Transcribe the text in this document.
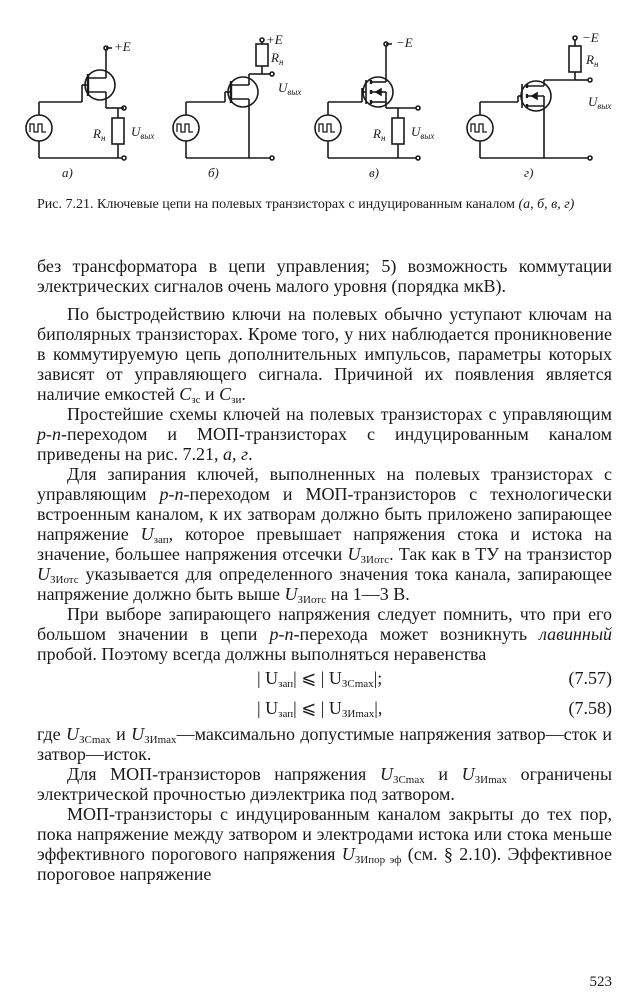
+E
$R_н$ $U_{вых}$
а)
+E
$R_н$
$U_{вых}$
б)
−E
$R_н$ $U_{вых}$
в)
−E
$R_н$
$U_{вых}$
г)
Рис. 7.21. Ключевые цепи на полевых транзисторах с индуцированным каналом (а, б, в, г)

без трансформатора в цепи управления; 5) возможность коммутации электрических сигналов очень малого уровня (порядка мкВ).

По быстродействию ключи на полевых обычно уступают ключам на биполярных транзисторах. Кроме того, у них наблюдается проникновение в коммутируемую цепь дополнительных импульсов, параметры которых зависят от управляющего сигнала. Причиной их появления является наличие емкостей $C_{зс}$ и $C_{зи}$.

Простейшие схемы ключей на полевых транзисторах с управляющим p-n-переходом и МОП-транзисторах с индуцированным каналом приведены на рис. 7.21, а, г.

Для запирания ключей, выполненных на полевых транзисторах с управляющим p-n-переходом и МОП-транзисторов с технологически встроенным каналом, к их затворам должно быть приложено запирающее напряжение $U_{зап}$, которое превышает напряжения стока и истока на значение, большее напряжения отсечки $U_{ЗИотс}$. Так как в ТУ на транзистор $U_{ЗИотс}$ указывается для определенного значения тока канала, запирающее напряжение должно быть выше $U_{ЗИотс}$ на 1—3 В.

При выборе запирающего напряжения следует помнить, что при его большом значении в цепи p-n-перехода может возникнуть лавинный пробой. Поэтому всегда должны выполняться неравенства

| $U_{зап}|$ ⩽ | $U_{ЗСmax}|$;	(7.57)
| $U_{зап}|$ ⩽ | $U_{ЗИmax}|$,	(7.58)

где $U_{ЗСmax}$ и $U_{ЗИmax}—максимально$ допустимые напряжения затвор—сток и затвор—исток.

Для МОП-транзисторов напряжения $U_{ЗСmax}$ и $U_{ЗИmax}$ ограничены электрической прочностью диэлектрика под затвором.

МОП-транзисторы с индуцированным каналом закрыты до тех пор, пока напряжение между затвором и электродами истока или стока меньше эффективного порогового напряжения $U_{ЗИпор эф}$ (см. § 2.10). Эффективное пороговое напряжение

523
